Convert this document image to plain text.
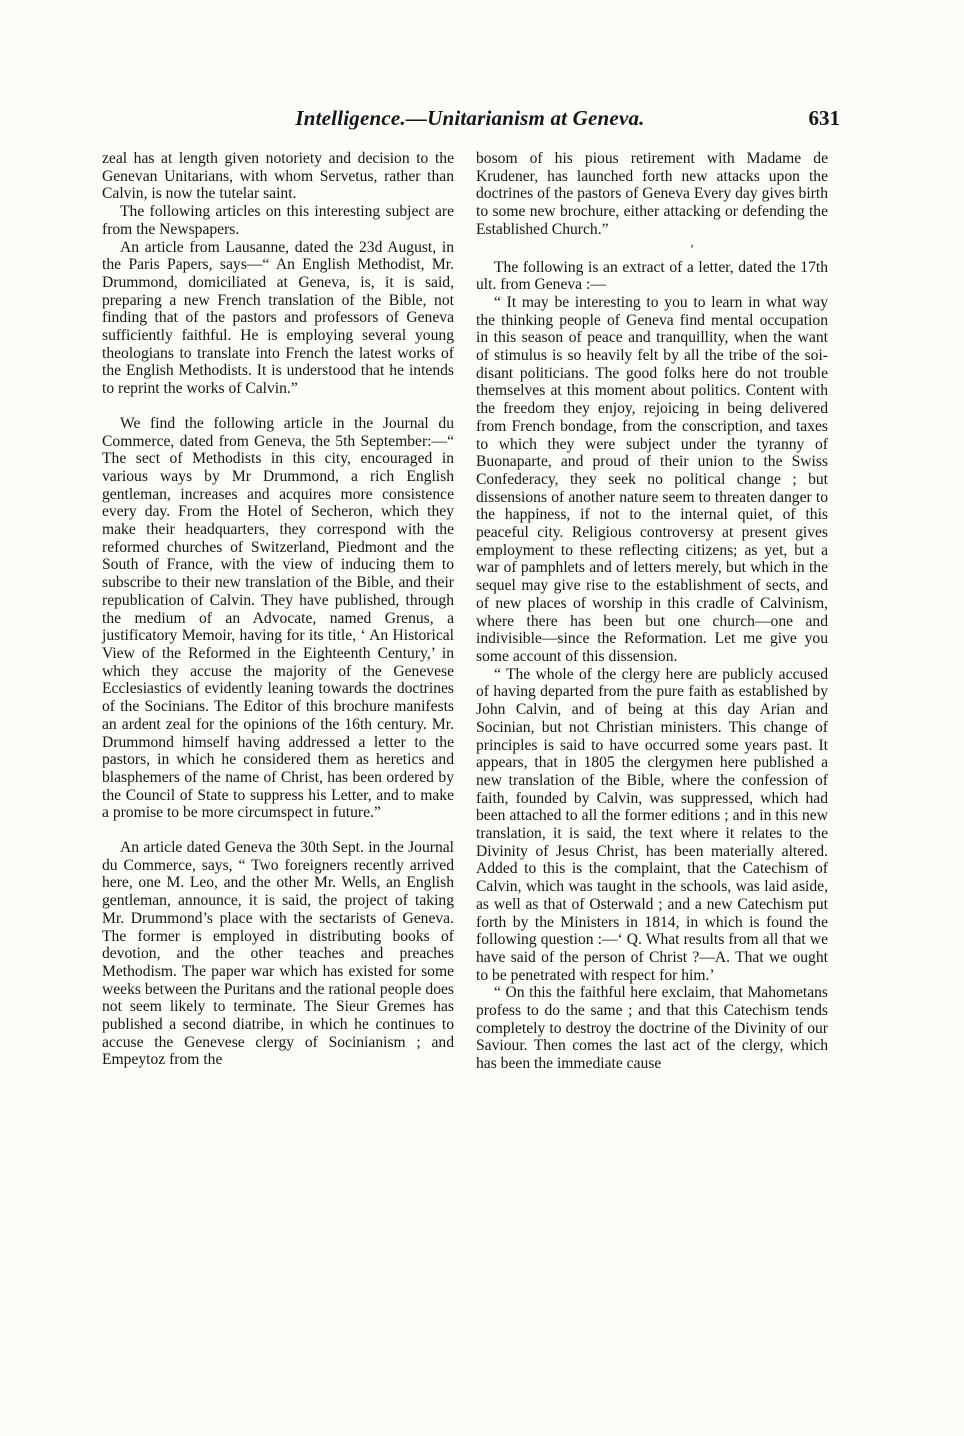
Intelligence.—Unitarianism at Geneva.	631

zeal has at length given notoriety and decision to the Genevan Unitarians, with whom Servetus, rather than Calvin, is now the tutelar saint.

The following articles on this interesting subject are from the Newspapers.

An article from Lausanne, dated the 23d August, in the Paris Papers, says—“ An English Methodist, Mr. Drummond, domiciliated at Geneva, is, it is said, preparing a new French translation of the Bible, not finding that of the pastors and professors of Geneva sufficiently faithful. He is employing several young theologians to translate into French the latest works of the English Methodists. It is understood that he intends to reprint the works of Calvin.”

We find the following article in the Journal du Commerce, dated from Geneva, the 5th September:—“ The sect of Methodists in this city, encouraged in various ways by Mr Drummond, a rich English gentleman, increases and acquires more consistence every day. From the Hotel of Secheron, which they make their headquarters, they correspond with the reformed churches of Switzerland, Piedmont and the South of France, with the view of inducing them to subscribe to their new translation of the Bible, and their republication of Calvin. They have published, through the medium of an Advocate, named Grenus, a justificatory Memoir, having for its title, ‘ An Historical View of the Reformed in the Eighteenth Century,’ in which they accuse the majority of the Genevese Ecclesiastics of evidently leaning towards the doctrines of the Socinians. The Editor of this brochure manifests an ardent zeal for the opinions of the 16th century. Mr. Drummond himself having addressed a letter to the pastors, in which he considered them as heretics and blasphemers of the name of Christ, has been ordered by the Council of State to suppress his Letter, and to make a promise to be more circumspect in future.”

An article dated Geneva the 30th Sept. in the Journal du Commerce, says, “ Two foreigners recently arrived here, one M. Leo, and the other Mr. Wells, an English gentleman, announce, it is said, the project of taking Mr. Drummond’s place with the sectarists of Geneva. The former is employed in distributing books of devotion, and the other teaches and preaches Methodism. The paper war which has existed for some weeks between the Puritans and the rational people does not seem likely to terminate. The Sieur Gremes has published a second diatribe, in which he continues to accuse the Genevese clergy of Socinianism ; and Empeytoz from the

bosom of his pious retirement with Madame de Krudener, has launched forth new attacks upon the doctrines of the pastors of Geneva Every day gives birth to some new brochure, either attacking or defending the Established Church.”

ʼ

The following is an extract of a letter, dated the 17th ult. from Geneva :—

“ It may be interesting to you to learn in what way the thinking people of Geneva find mental occupation in this season of peace and tranquillity, when the want of stimulus is so heavily felt by all the tribe of the soi-disant politicians. The good folks here do not trouble themselves at this moment about politics. Content with the freedom they enjoy, rejoicing in being delivered from French bondage, from the conscription, and taxes to which they were subject under the tyranny of Buonaparte, and proud of their union to the Swiss Confederacy, they seek no political change ; but dissensions of another nature seem to threaten danger to the happiness, if not to the internal quiet, of this peaceful city. Religious controversy at present gives employment to these reflecting citizens; as yet, but a war of pamphlets and of letters merely, but which in the sequel may give rise to the establishment of sects, and of new places of worship in this cradle of Calvinism, where there has been but one church—one and indivisible—since the Reformation. Let me give you some account of this dissension.

“ The whole of the clergy here are publicly accused of having departed from the pure faith as established by John Calvin, and of being at this day Arian and Socinian, but not Christian ministers. This change of principles is said to have occurred some years past. It appears, that in 1805 the clergymen here published a new translation of the Bible, where the confession of faith, founded by Calvin, was suppressed, which had been attached to all the former editions ; and in this new translation, it is said, the text where it relates to the Divinity of Jesus Christ, has been materially altered. Added to this is the complaint, that the Catechism of Calvin, which was taught in the schools, was laid aside, as well as that of Osterwald ; and a new Catechism put forth by the Ministers in 1814, in which is found the following question :—‘ Q. What results from all that we have said of the person of Christ ?—A. That we ought to be penetrated with respect for him.’

“ On this the faithful here exclaim, that Mahometans profess to do the same ; and that this Catechism tends completely to destroy the doctrine of the Divinity of our Saviour. Then comes the last act of the clergy, which has been the immediate cause
